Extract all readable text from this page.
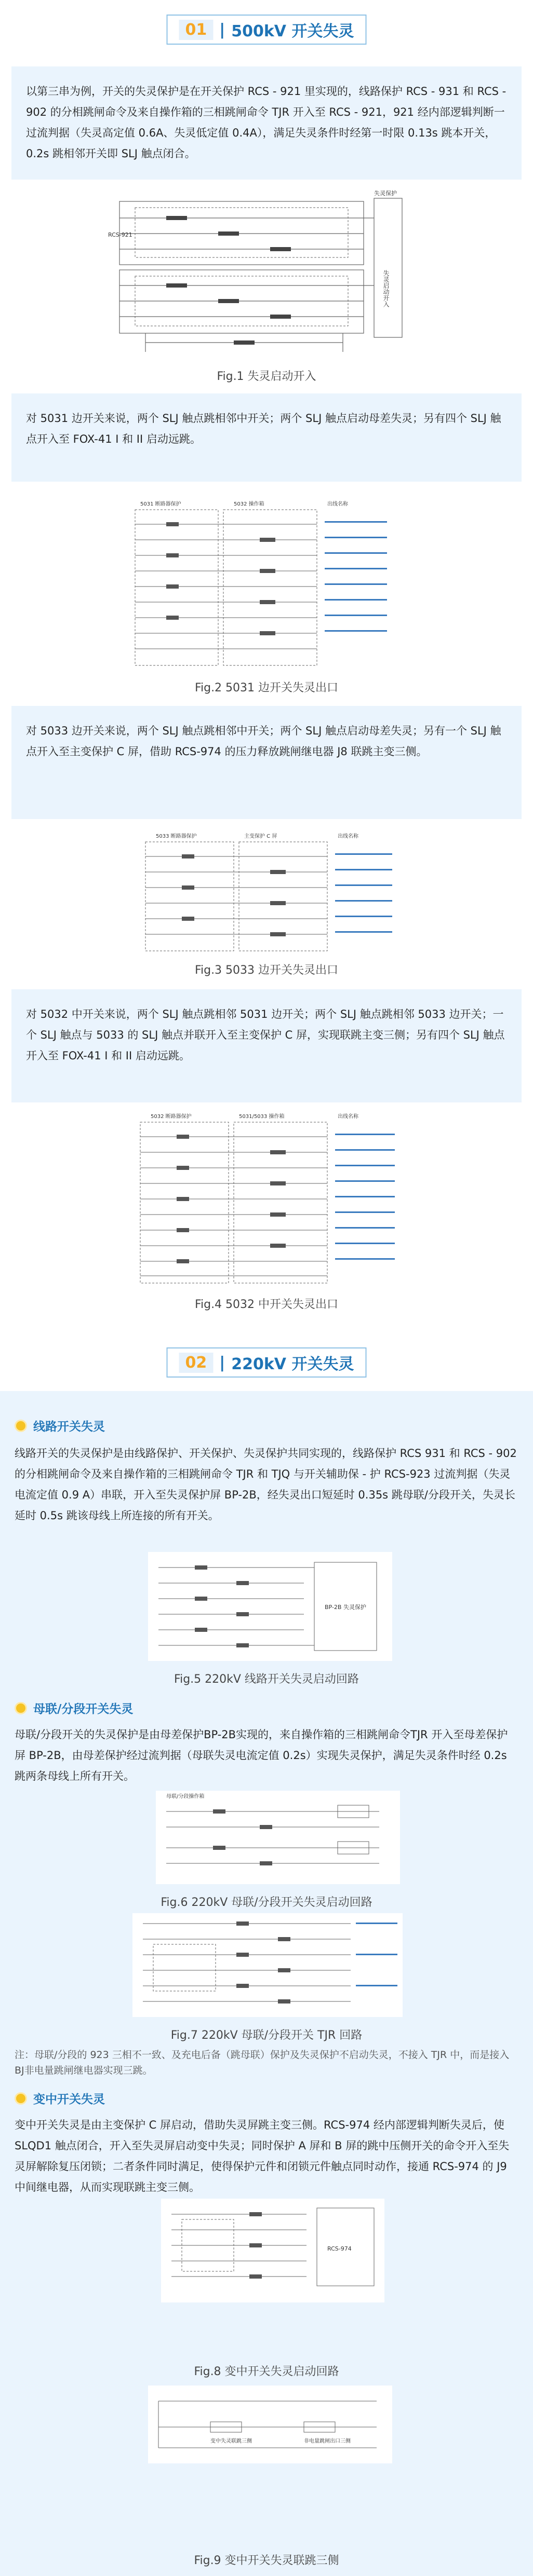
01 | 500kV 开关失灵
以第三串为例，开关的失灵保护是在开关保护 RCS - 921 里实现的，线路保护 RCS - 931 和 RCS - 902 的分相跳闸命令及来自操作箱的三相跳闸命令 TJR 开入至 RCS - 921，921 经内部逻辑判断一过流判据（失灵高定值 0.6A、失灵低定值 0.4A），满足失灵条件时经第一时限 0.13s 跳本开关，0.2s 跳相邻开关即 SLJ 触点闭合。
失灵启动开入
失灵保护
RCS-921
Fig.1 失灵启动开入
对 5031 边开关来说，两个 SLJ 触点跳相邻中开关；两个 SLJ 触点启动母差失灵；另有四个 SLJ 触点开入至 FOX-41 I 和 II 启动远跳。
5031 断路器保护	5032 操作箱	出线名称
Fig.2 5031 边开关失灵出口
对 5033 边开关来说，两个 SLJ 触点跳相邻中开关；两个 SLJ 触点启动母差失灵；另有一个 SLJ 触点开入至主变保护 C 屏，借助 RCS-974 的压力释放跳闸继电器 J8 联跳主变三侧。
5033 断路器保护	主变保护 C 屏	出线名称
Fig.3 5033 边开关失灵出口
对 5032 中开关来说，两个 SLJ 触点跳相邻 5031 边开关；两个 SLJ 触点跳相邻 5033 边开关；一个 SLJ 触点与 5033 的 SLJ 触点并联开入至主变保护 C 屏，实现联跳主变三侧；另有四个 SLJ 触点开入至 FOX-41 I 和 II 启动远跳。
5032 断路器保护	5031/5033 操作箱	出线名称
Fig.4 5032 中开关失灵出口
02 | 220kV 开关失灵
线路开关失灵
线路开关的失灵保护是由线路保护、开关保护、失灵保护共同实现的，线路保护 RCS 931 和 RCS - 902 的分相跳闸命令及来自操作箱的三相跳闸命令 TJR 和 TJQ 与开关辅助保 - 护 RCS-923 过流判据（失灵电流定值 0.9 A）串联，开入至失灵保护屏 BP-2B，经失灵出口短延时 0.35s 跳母联/分段开关，失灵长延时 0.5s 跳该母线上所连接的所有开关。
BP-2B 失灵保护
Fig.5 220kV 线路开关失灵启动回路
母联/分段开关失灵
母联/分段开关的失灵保护是由母差保护BP-2B实现的，来自操作箱的三相跳闸命令TJR 开入至母差保护屏 BP-2B，由母差保护经过流判据（母联失灵电流定值 0.2s）实现失灵保护，满足失灵条件时经 0.2s 跳两条母线上所有开关。
母联/分段操作箱
Fig.6 220kV 母联/分段开关失灵启动回路
Fig.7 220kV 母联/分段开关 TJR 回路
注：母联/分段的 923 三相不一致、及充电后备（跳母联）保护及失灵保护不启动失灵，不接入 TJR 中，而是接入 BJ非电量跳闸继电器实现三跳。
变中开关失灵
变中开关失灵是由主变保护 C 屏启动，借助失灵屏跳主变三侧。RCS-974 经内部逻辑判断失灵后，使 SLQD1 触点闭合，开入至失灵屏启动变中失灵；同时保护 A 屏和 B 屏的跳中压侧开关的命令开入至失灵屏解除复压闭锁；二者条件同时满足，使得保护元件和闭锁元件触点同时动作，接通 RCS-974 的 J9 中间继电器，从而实现联跳主变三侧。
RCS-974
Fig.8 变中开关失灵启动回路
变中失灵联跳三侧	非电量跳闸出口三侧
Fig.9 变中开关失灵联跳三侧
